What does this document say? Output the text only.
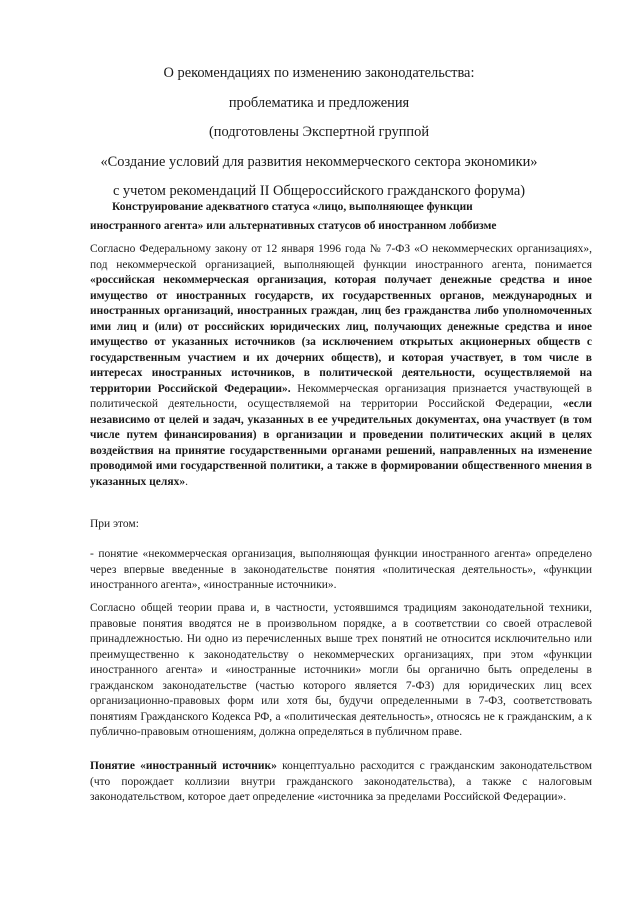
О рекомендациях по изменению законодательства:
проблематика и предложения
(подготовлены Экспертной группой
«Создание условий для развития некоммерческого сектора экономики»
с учетом рекомендаций II Общероссийского гражданского форума)
Конструирование адекватного статуса «лицо, выполняющее функции
иностранного агента» или альтернативных статусов об иностранном лоббизме
Согласно Федеральному закону от 12 января 1996 года № 7-ФЗ «О некоммерческих организациях», под некоммерческой организацией, выполняющей функции иностранного агента, понимается «российская некоммерческая организация, которая получает денежные средства и иное имущество от иностранных государств, их государственных органов, международных и иностранных организаций, иностранных граждан, лиц без гражданства либо уполномоченных ими лиц и (или) от российских юридических лиц, получающих денежные средства и иное имущество от указанных источников (за исключением открытых акционерных обществ с государственным участием и их дочерних обществ), и которая участвует, в том числе в интересах иностранных источников, в политической деятельности, осуществляемой на территории Российской Федерации». Некоммерческая организация признается участвующей в политической деятельности, осуществляемой на территории Российской Федерации, «если независимо от целей и задач, указанных в ее учредительных документах, она участвует (в том числе путем финансирования) в организации и проведении политических акций в целях воздействия на принятие государственными органами решений, направленных на изменение проводимой ими государственной политики, а также в формировании общественного мнения в указанных целях».
При этом:
- понятие «некоммерческая организация, выполняющая функции иностранного агента» определено через впервые введенные в законодательстве понятия «политическая деятельность», «функции иностранного агента», «иностранные источники».
Согласно общей теории права и, в частности, устоявшимся традициям законодательной техники, правовые понятия вводятся не в произвольном порядке, а в соответствии со своей отраслевой принадлежностью. Ни одно из перечисленных выше трех понятий не относится исключительно или преимущественно к законодательству о некоммерческих организациях, при этом «функции иностранного агента» и «иностранные источники» могли бы органично быть определены в гражданском законодательстве (частью которого является 7-ФЗ) для юридических лиц всех организационно-правовых форм или хотя бы, будучи определенными в 7-ФЗ, соответствовать понятиям Гражданского Кодекса РФ, а «политическая деятельность», относясь не к гражданским, а к публично-правовым отношениям, должна определяться в публичном праве.
Понятие «иностранный источник» концептуально расходится с гражданским законодательством (что порождает коллизии внутри гражданского законодательства), а также с налоговым законодательством, которое дает определение «источника за пределами Российской Федерации».
